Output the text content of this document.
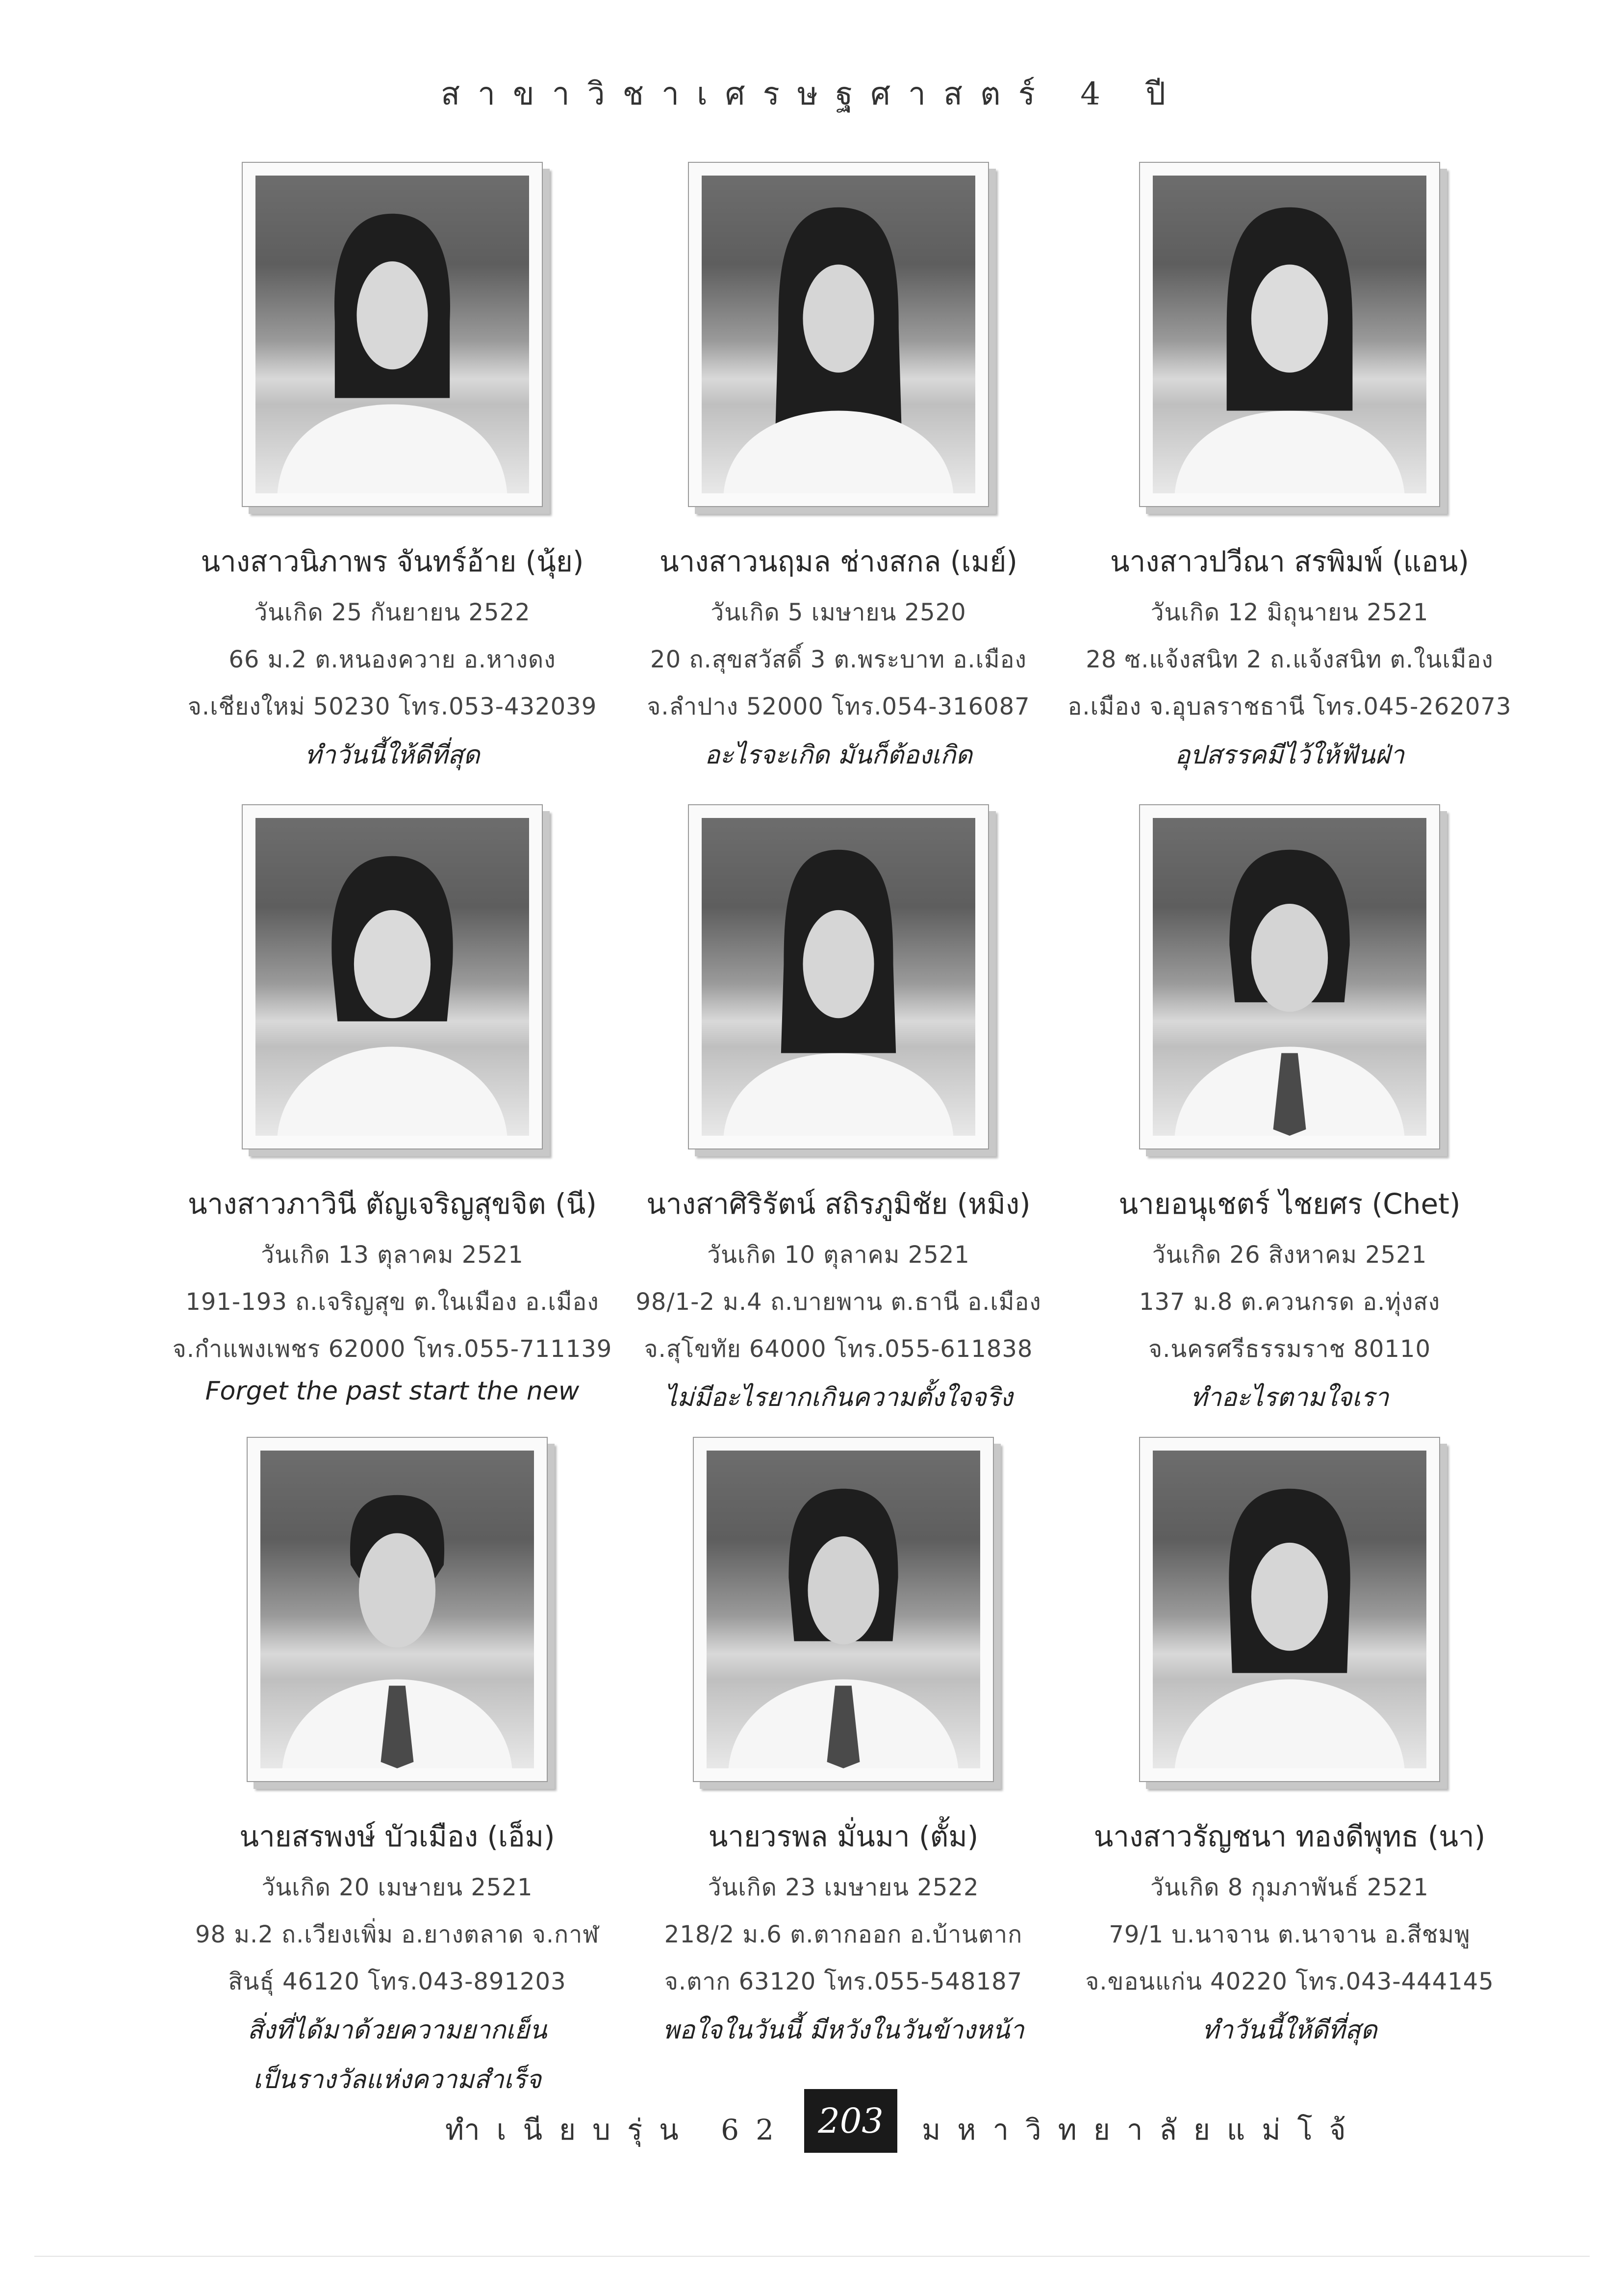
สาขาวิชาเศรษฐศาสตร์ 4 ปี
นางสาวนิภาพร จันทร์อ้าย (นุ้ย)
วันเกิด 25 กันยายน 2522
66 ม.2 ต.หนองควาย อ.หางดง
จ.เชียงใหม่ 50230 โทร.053-432039
ทำวันนี้ให้ดีที่สุด
นางสาวนฤมล ช่างสกล (เมย์)
วันเกิด 5 เมษายน 2520
20 ถ.สุขสวัสดิ์ 3 ต.พระบาท อ.เมือง
จ.ลำปาง 52000 โทร.054-316087
อะไรจะเกิด มันก็ต้องเกิด
นางสาวปวีณา สรพิมพ์ (แอน)
วันเกิด 12 มิถุนายน 2521
28 ซ.แจ้งสนิท 2 ถ.แจ้งสนิท ต.ในเมือง
อ.เมือง จ.อุบลราชธานี โทร.045-262073
อุปสรรคมีไว้ให้ฟันฝ่า
นางสาวภาวินี ตัญเจริญสุขจิต (นี)
วันเกิด 13 ตุลาคม 2521
191-193 ถ.เจริญสุข ต.ในเมือง อ.เมือง
จ.กำแพงเพชร 62000 โทร.055-711139
Forget the past start the new
นางสาศิริรัตน์ สถิรภูมิชัย (หมิง)
วันเกิด 10 ตุลาคม 2521
98/1-2 ม.4 ถ.บายพาน ต.ธานี อ.เมือง
จ.สุโขทัย 64000 โทร.055-611838
ไม่มีอะไรยากเกินความตั้งใจจริง
นายอนุเชตร์ ไชยศร (Chet)
วันเกิด 26 สิงหาคม 2521
137 ม.8 ต.ควนกรด อ.ทุ่งสง
จ.นครศรีธรรมราช 80110
ทำอะไรตามใจเรา
นายสรพงษ์ บัวเมือง (เอ็ม)
วันเกิด 20 เมษายน 2521
98 ม.2 ถ.เวียงเพิ่ม อ.ยางตลาด จ.กาฬ
สินธุ์ 46120 โทร.043-891203
สิ่งที่ได้มาด้วยความยากเย็น
เป็นรางวัลแห่งความสำเร็จ
นายวรพล มั่นมา (ตั้ม)
วันเกิด 23 เมษายน 2522
218/2 ม.6 ต.ตากออก อ.บ้านตาก
จ.ตาก 63120 โทร.055-548187
พอใจในวันนี้ มีหวังในวันข้างหน้า
นางสาวรัญชนา ทองดีพุทธ (นา)
วันเกิด 8 กุมภาพันธ์ 2521
79/1 บ.นาจาน ต.นาจาน อ.สีชมพู
จ.ขอนแก่น 40220 โทร.043-444145
ทำวันนี้ให้ดีที่สุด
ทำเนียบรุ่น 62 203	มหาวิทยาลัยแม่โจ้
